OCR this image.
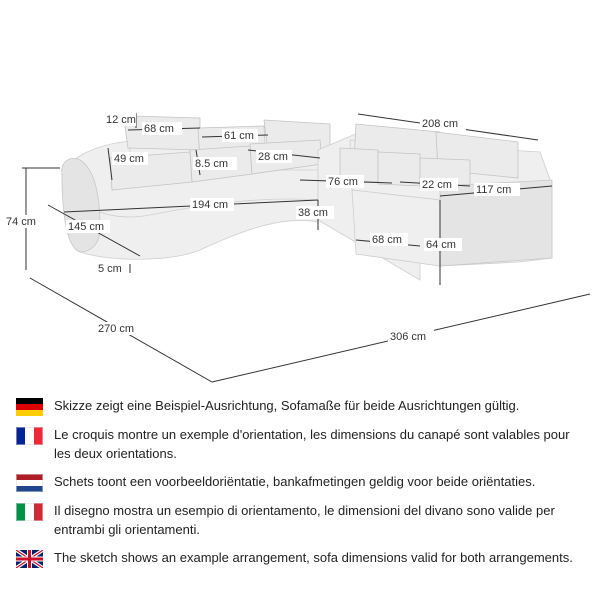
12 cm
68 cm
61 cm
208 cm
49 cm	8.5 cm
28 cm
76 cm	22 cm 117 cm
74 cm
194 cm
38 cm
145 cm
68 cm 64 cm
5 cm
270 cm
306 cm
Skizze zeigt eine Beispiel-Ausrichtung, Sofamaße für beide Ausrichtungen gültig.
Le croquis montre un exemple d'orientation, les dimensions du canapé sont valables pour les deux orientations.
Schets toont een voorbeeldoriëntatie, bankafmetingen geldig voor beide oriëntaties.
Il disegno mostra un esempio di orientamento, le dimensioni del divano sono valide per entrambi gli orientamenti.
The sketch shows an example arrangement, sofa dimensions valid for both arrangements.
